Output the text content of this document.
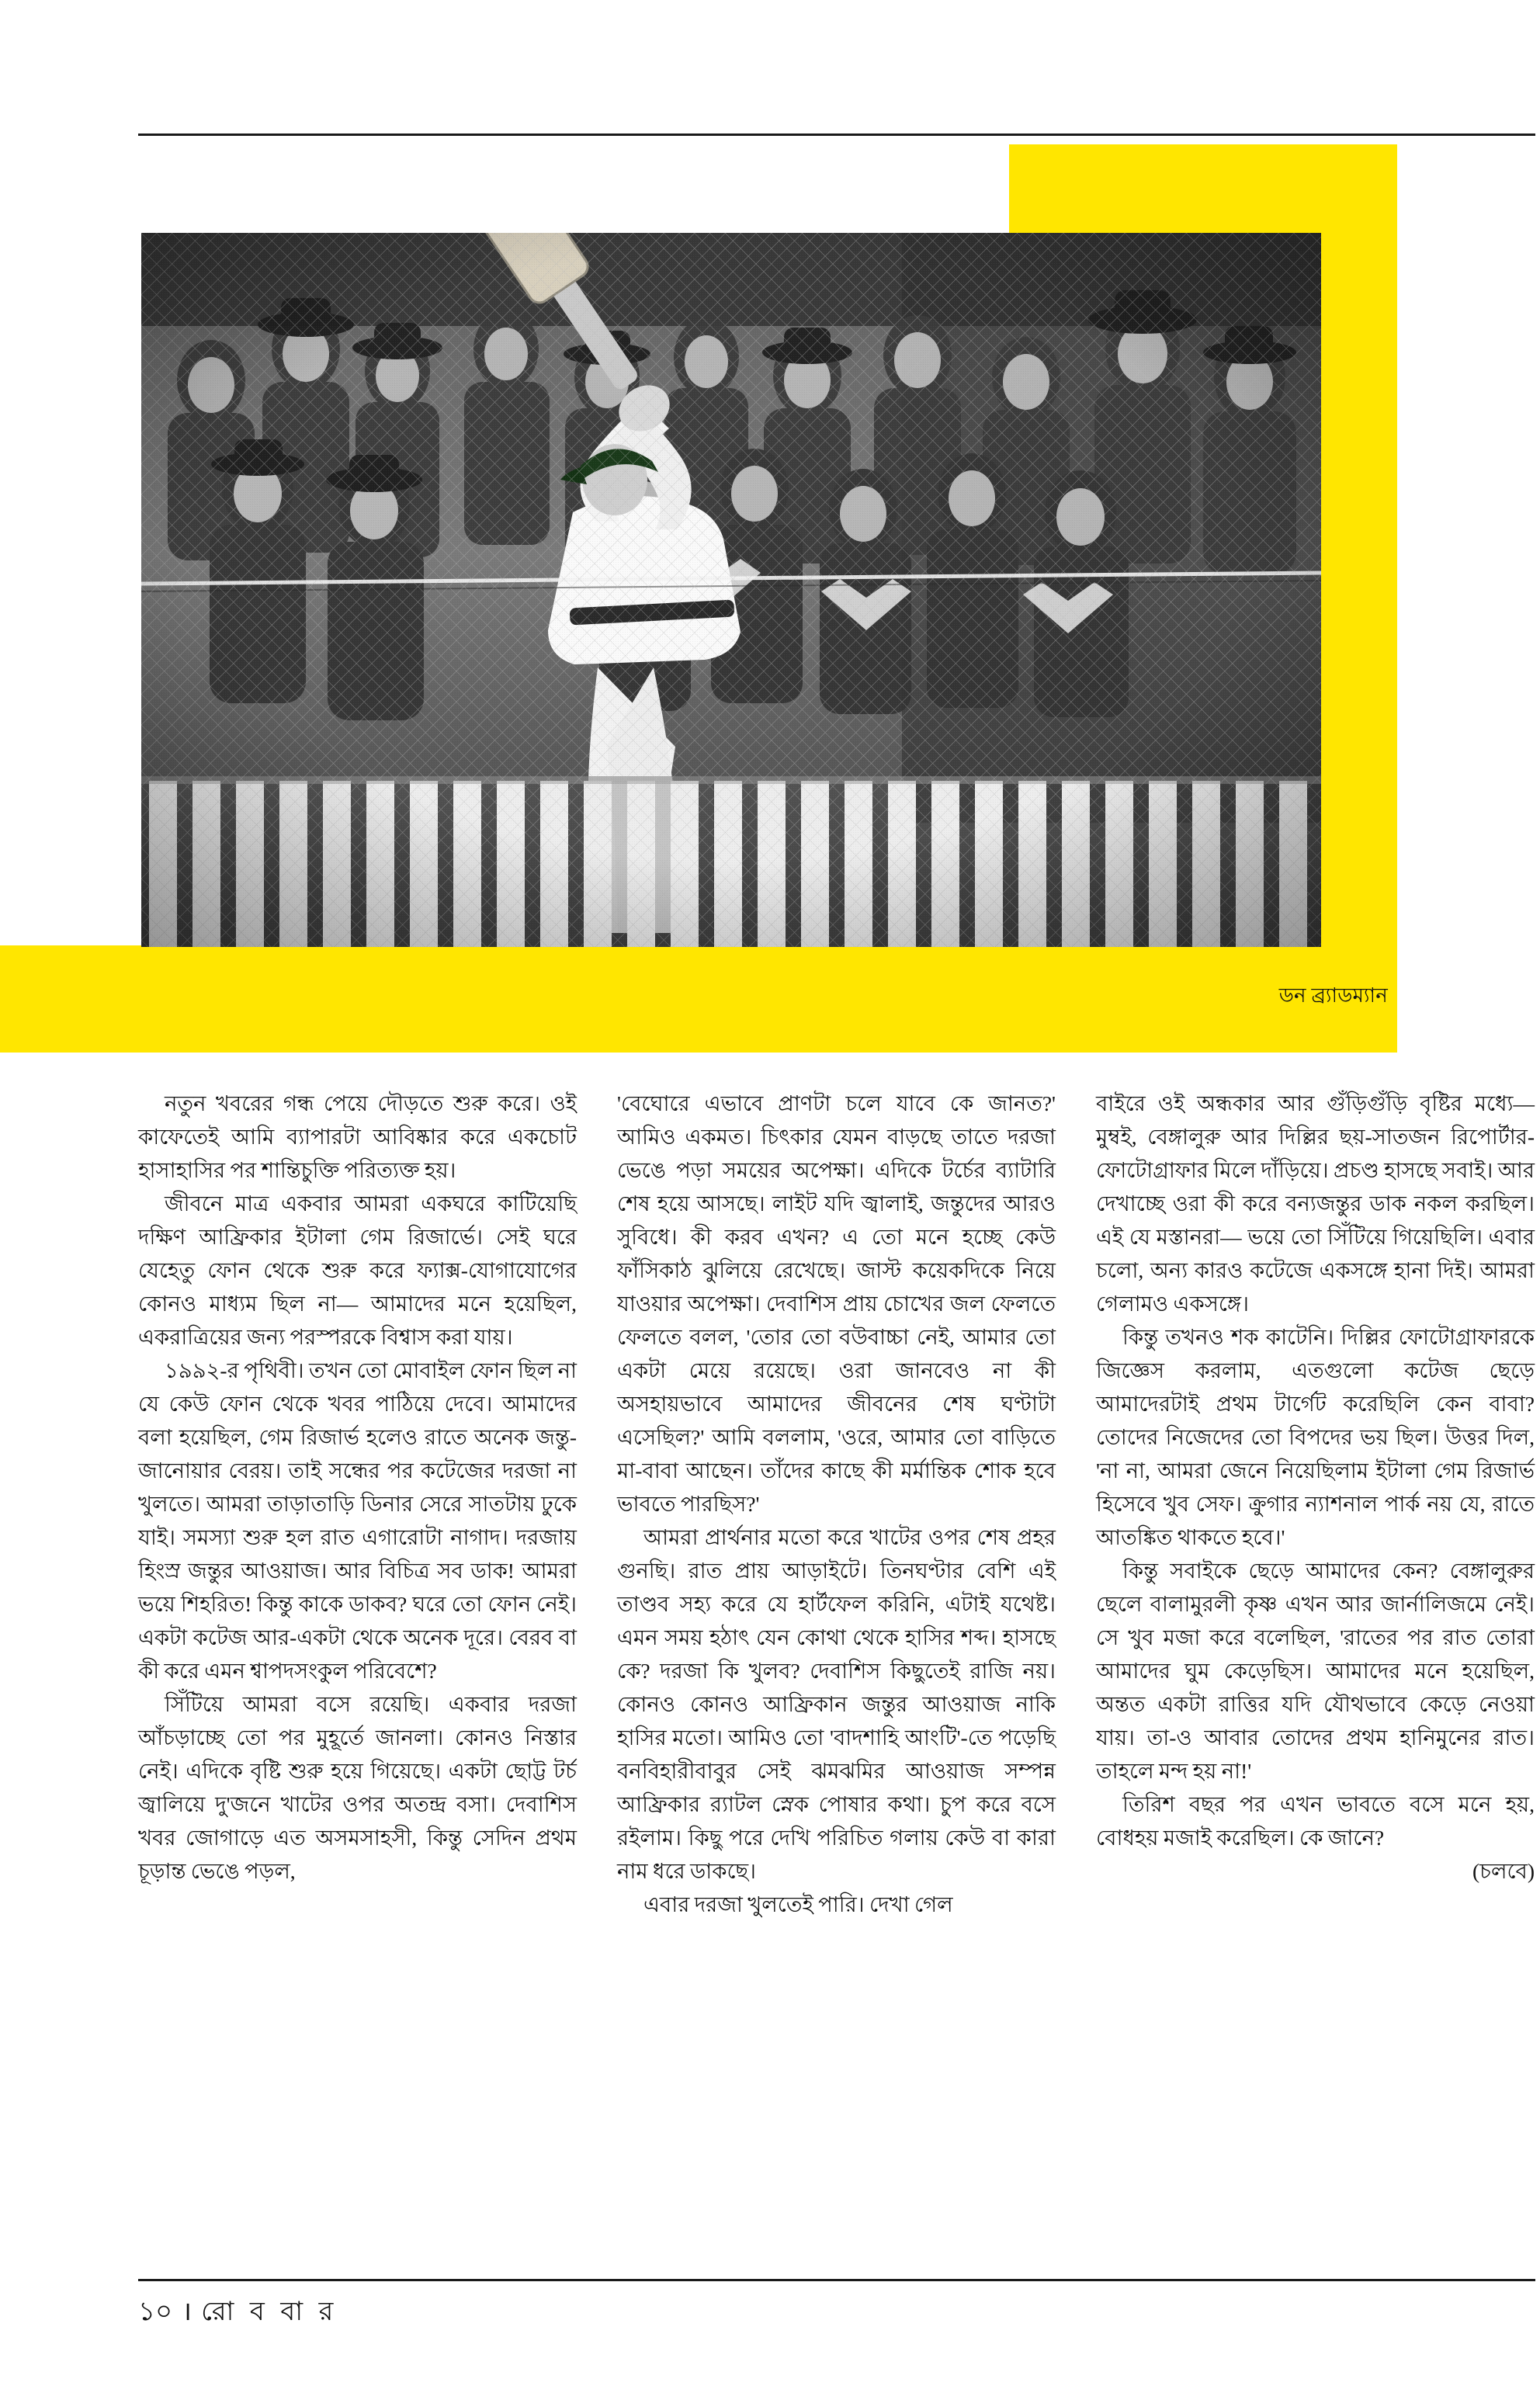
ডন ব্র্যাডম্যান

নতুন খবরের গন্ধ পেয়ে দৌড়তে শুরু করে। ওই কাফেতেই আমি ব্যাপারটা আবিষ্কার করে একচোট হাসাহাসির পর শান্তিচুক্তি পরিত্যক্ত হয়।

জীবনে মাত্র একবার আমরা একঘরে কাটিয়েছি দক্ষিণ আফ্রিকার ইটালা গেম রিজার্ভে। সেই ঘরে যেহেতু ফোন থেকে শুরু করে ফ্যাক্স-যোগাযোগের কোনও মাধ্যম ছিল না— আমাদের মনে হয়েছিল, একরাত্রিয়ের জন্য পরস্পরকে বিশ্বাস করা যায়।

১৯৯২-র পৃথিবী। তখন তো মোবাইল ফোন ছিল না যে কেউ ফোন থেকে খবর পাঠিয়ে দেবে। আমাদের বলা হয়েছিল, গেম রিজার্ভ হলেও রাতে অনেক জন্তু-জানোয়ার বেরয়। তাই সন্ধের পর কটেজের দরজা না খুলতে। আমরা তাড়াতাড়ি ডিনার সেরে সাতটায় ঢুকে যাই। সমস্যা শুরু হল রাত এগারোটা নাগাদ। দরজায় হিংস্র জন্তুর আওয়াজ। আর বিচিত্র সব ডাক! আমরা ভয়ে শিহরিত! কিন্তু কাকে ডাকব? ঘরে তো ফোন নেই। একটা কটেজ আর-একটা থেকে অনেক দূরে। বেরব বা কী করে এমন শ্বাপদসংকুল পরিবেশে?

সিঁটিয়ে আমরা বসে রয়েছি। একবার দরজা আঁচড়াচ্ছে তো পর মুহূর্তে জানলা। কোনও নিস্তার নেই। এদিকে বৃষ্টি শুরু হয়ে গিয়েছে। একটা ছোট্ট টর্চ জ্বালিয়ে দু'জনে খাটের ওপর অতন্দ্র বসা। দেবাশিস খবর জোগাড়ে এত অসমসাহসী, কিন্তু সেদিন প্রথম চূড়ান্ত ভেঙে পড়ল,

'বেঘোরে এভাবে প্রাণটা চলে যাবে কে জানত?' আমিও একমত। চিৎকার যেমন বাড়ছে তাতে দরজা ভেঙে পড়া সময়ের অপেক্ষা। এদিকে টর্চের ব্যাটারি শেষ হয়ে আসছে। লাইট যদি জ্বালাই, জন্তুদের আরও সুবিধে। কী করব এখন? এ তো মনে হচ্ছে কেউ ফাঁসিকাঠ ঝুলিয়ে রেখেছে। জাস্ট কয়েকদিকে নিয়ে যাওয়ার অপেক্ষা। দেবাশিস প্রায় চোখের জল ফেলতে ফেলতে বলল, 'তোর তো বউবাচ্চা নেই, আমার তো একটা মেয়ে রয়েছে। ওরা জানবেও না কী অসহায়ভাবে আমাদের জীবনের শেষ ঘণ্টাটা এসেছিল?' আমি বললাম, 'ওরে, আমার তো বাড়িতে মা-বাবা আছেন। তাঁদের কাছে কী মর্মান্তিক শোক হবে ভাবতে পারছিস?'

আমরা প্রার্থনার মতো করে খাটের ওপর শেষ প্রহর গুনছি। রাত প্রায় আড়াইটে। তিনঘণ্টার বেশি এই তাণ্ডব সহ্য করে যে হার্টফেল করিনি, এটাই যথেষ্ট। এমন সময় হঠাৎ যেন কোথা থেকে হাসির শব্দ। হাসছে কে? দরজা কি খুলব? দেবাশিস কিছুতেই রাজি নয়। কোনও কোনও আফ্রিকান জন্তুর আওয়াজ নাকি হাসির মতো। আমিও তো 'বাদশাহি আংটি'-তে পড়েছি বনবিহারীবাবুর সেই ঝমঝমির আওয়াজ সম্পন্ন আফ্রিকার র‍্যাটল স্নেক পোষার কথা। চুপ করে বসে রইলাম। কিছু পরে দেখি পরিচিত গলায় কেউ বা কারা নাম ধরে ডাকছে।

এবার দরজা খুলতেই পারি। দেখা গেল

বাইরে ওই অন্ধকার আর গুঁড়িগুঁড়ি বৃষ্টির মধ্যে— মুম্বই, বেঙ্গালুরু আর দিল্লির ছয়-সাতজন রিপোর্টার-ফোটোগ্রাফার মিলে দাঁড়িয়ে। প্রচণ্ড হাসছে সবাই। আর দেখাচ্ছে ওরা কী করে বন্যজন্তুর ডাক নকল করছিল। এই যে মস্তানরা— ভয়ে তো সিঁটিয়ে গিয়েছিলি। এবার চলো, অন্য কারও কটেজে একসঙ্গে হানা দিই। আমরা গেলামও একসঙ্গে।

কিন্তু তখনও শক কাটেনি। দিল্লির ফোটোগ্রাফারকে জিজ্ঞেস করলাম, এতগুলো কটেজ ছেড়ে আমাদেরটাই প্রথম টার্গেট করেছিলি কেন বাবা? তোদের নিজেদের তো বিপদের ভয় ছিল। উত্তর দিল, 'না না, আমরা জেনে নিয়েছিলাম ইটালা গেম রিজার্ভ হিসেবে খুব সেফ। ক্রুগার ন্যাশনাল পার্ক নয় যে, রাতে আতঙ্কিত থাকতে হবে।'

কিন্তু সবাইকে ছেড়ে আমাদের কেন? বেঙ্গালুরুর ছেলে বালামুরলী কৃষ্ণ এখন আর জার্নালিজমে নেই। সে খুব মজা করে বলেছিল, 'রাতের পর রাত তোরা আমাদের ঘুম কেড়েছিস। আমাদের মনে হয়েছিল, অন্তত একটা রাত্তির যদি যৌথভাবে কেড়ে নেওয়া যায়। তা-ও আবার তোদের প্রথম হানিমুনের রাত। তাহলে মন্দ হয় না!'

তিরিশ বছর পর এখন ভাবতে বসে মনে হয়, বোধহয় মজাই করেছিল। কে জানে?

(চলবে)

১০ । রো ব বা র
